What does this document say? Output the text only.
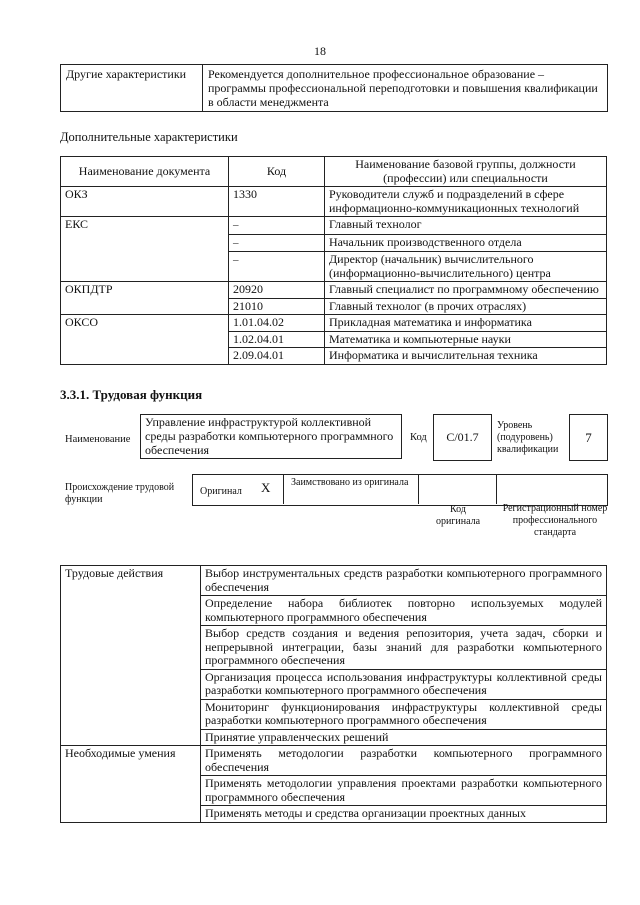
18
Другие характеристики	Рекомендуется дополнительное профессиональное образование – программы профессиональной переподготовки и повышения квалификации в области менеджмента
Дополнительные характеристики
Наименование документа	Код	Наименование базовой группы, должности (профессии) или специальности
ОКЗ	1330	Руководители служб и подразделений в сфере информационно-коммуникационных технологий
ЕКС	–	Главный технолог
	–	Начальник производственного отдела
	–	Директор (начальник) вычислительного (информационно-вычислительного) центра
ОКПДТР	20920	Главный специалист по программному обеспечению
	21010	Главный технолог (в прочих отраслях)
ОКСО	1.01.04.02	Прикладная математика и информатика
	1.02.04.01	Математика и компьютерные науки
	2.09.04.01	Информатика и вычислительная техника
3.3.1. Трудовая функция
Наименование
Управление инфраструктурой коллективной среды разработки компьютерного программного обеспечения
Код	C/01.7
Уровень (подуровень) квалификации
7
Происхождение трудовой функции
Оригинал X Заимствовано из оригинала
Код оригинала
Регистрационный номер профессионального стандарта
Трудовые действия	Выбор инструментальных средств разработки компьютерного программного обеспечения
	Определение набора библиотек повторно используемых модулей компьютерного программного обеспечения
	Выбор средств создания и ведения репозитория, учета задач, сборки и непрерывной интеграции, базы знаний для разработки компьютерного программного обеспечения
	Организация процесса использования инфраструктуры коллективной среды разработки компьютерного программного обеспечения
	Мониторинг функционирования инфраструктуры коллективной среды разработки компьютерного программного обеспечения
	Принятие управленческих решений
Необходимые умения	Применять методологии разработки компьютерного программного обеспечения
	Применять методологии управления проектами разработки компьютерного программного обеспечения
	Применять методы и средства организации проектных данных
